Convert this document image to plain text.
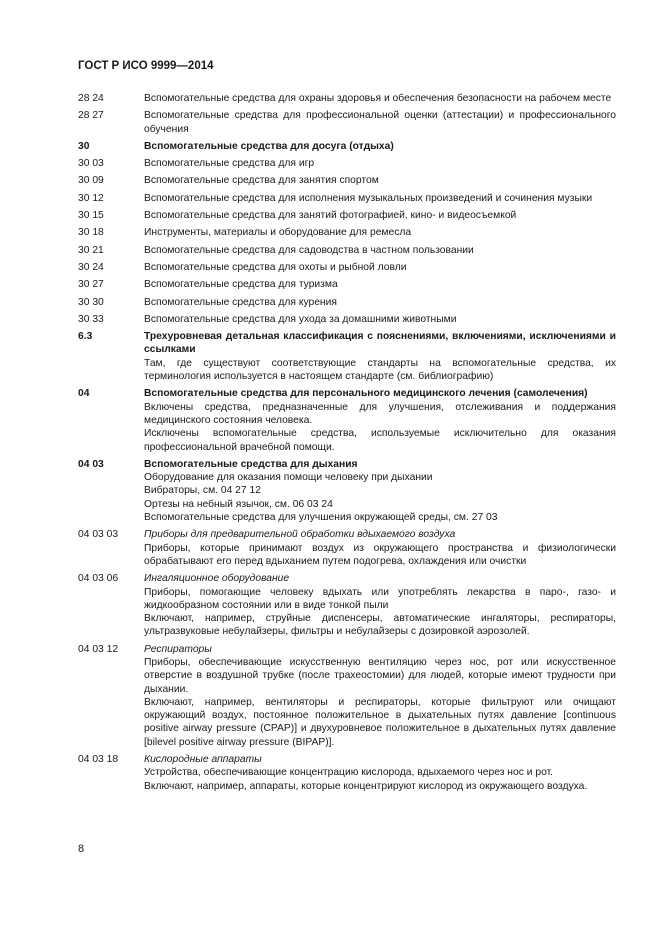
ГОСТ Р ИСО 9999—2014
28 24	Вспомогательные средства для охраны здоровья и обеспечения безопасности на рабочем месте
28 27	Вспомогательные средства для профессиональной оценки (аттестации) и профессионального обучения
30	Вспомогательные средства для досуга (отдыха)
30 03	Вспомогательные средства для игр
30 09	Вспомогательные средства для занятия спортом
30 12	Вспомогательные средства для исполнения музыкальных произведений и сочинения музыки
30 15	Вспомогательные средства для занятий фотографией, кино- и видеосъемкой
30 18	Инструменты, материалы и оборудование для ремесла
30 21	Вспомогательные средства для садоводства в частном пользовании
30 24	Вспомогательные средства для охоты и рыбной ловли
30 27	Вспомогательные средства для туризма
30 30	Вспомогательные средства для курения
30 33	Вспомогательные средства для ухода за домашними животными
6.3	Трехуровневая детальная классификация с пояснениями, включениями, исключениями и ссылками
Там, где существуют соответствующие стандарты на вспомогательные средства, их терминология используется в настоящем стандарте (см. библиографию)
04	Вспомогательные средства для персонального медицинского лечения (самолечения)
Включены средства, предназначенные для улучшения, отслеживания и поддержания медицинского состояния человека.
Исключены вспомогательные средства, используемые исключительно для оказания профессиональной врачебной помощи.
04 03	Вспомогательные средства для дыхания
Оборудование для оказания помощи человеку при дыхании
Вибраторы, см. 04 27 12
Ортезы на небный язычок, см. 06 03 24
Вспомогательные средства для улучшения окружающей среды, см. 27 03
04 03 03	Приборы для предварительной обработки вдыхаемого воздуха
Приборы, которые принимают воздух из окружающего пространства и физиологически обрабатывают его перед вдыханием путем подогрева, охлаждения или очистки
04 03 06	Ингаляционное оборудование
Приборы, помогающие человеку вдыхать или употреблять лекарства в паро-, газо- и жидкообразном состоянии или в виде тонкой пыли
Включают, например, струйные диспенсеры, автоматические ингаляторы, респираторы, ультразвуковые небулайзеры, фильтры и небулайзеры с дозировкой аэрозолей.
04 03 12	Респираторы
Приборы, обеспечивающие искусственную вентиляцию через нос, рот или искусственное отверстие в воздушной трубке (после трахеостомии) для людей, которые имеют трудности при дыхании.
Включают, например, вентиляторы и респираторы, которые фильтруют или очищают окружающий воздух, постоянное положительное в дыхательных путях давление [continuous positive airway pressure (CPAP)] и двухуровневое положительное в дыхательных путях давление [bilevel positive airway pressure (BIPAP)].
04 03 18	Кислородные аппараты
Устройства, обеспечивающие концентрацию кислорода, вдыхаемого через нос и рот.
Включают, например, аппараты, которые концентрируют кислород из окружающего воздуха.
8
